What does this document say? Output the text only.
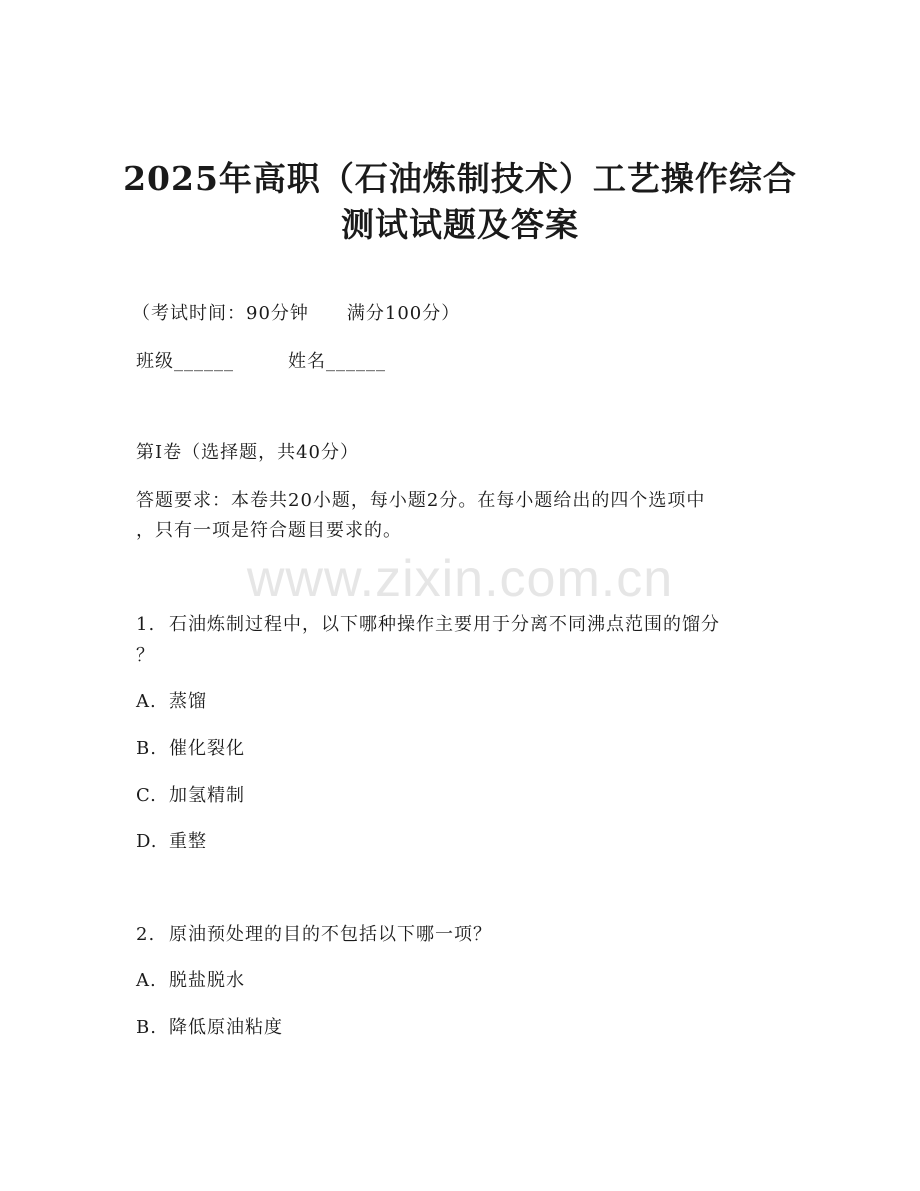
2025年高职（石油炼制技术）工艺操作综合
测试试题及答案
（考试时间：90分钟　　满分100分）
班级______	姓名______
第I卷（选择题，共40分）
答题要求：本卷共20小题，每小题2分。在每小题给出的四个选项中
，只有一项是符合题目要求的。
www.zixin.com.cn
1. 石油炼制过程中，以下哪种操作主要用于分离不同沸点范围的馏分
？
A. 蒸馏
B. 催化裂化
C. 加氢精制
D. 重整
2. 原油预处理的目的不包括以下哪一项？
A. 脱盐脱水
B. 降低原油粘度
